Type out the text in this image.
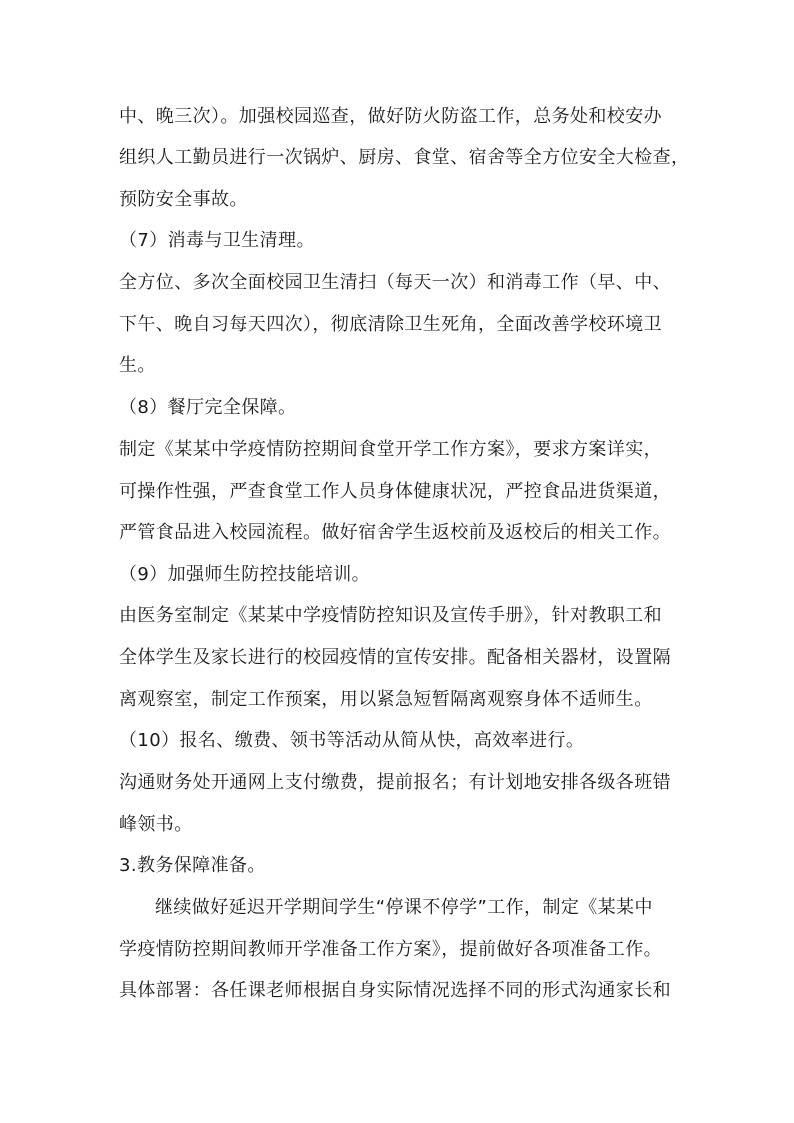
中、晚三次）。加强校园巡查，做好防火防盗工作，总务处和校安办
组织人工勤员进行一次锅炉、厨房、食堂、宿舍等全方位安全大检查，
预防安全事故。
（7）消毒与卫生清理。
全方位、多次全面校园卫生清扫（每天一次）和消毒工作（早、中、
下午、晚自习每天四次），彻底清除卫生死角，全面改善学校环境卫
生。
（8）餐厅完全保障。
制定《某某中学疫情防控期间食堂开学工作方案》，要求方案详实，
可操作性强，严查食堂工作人员身体健康状况，严控食品进货渠道，
严管食品进入校园流程。做好宿舍学生返校前及返校后的相关工作。
（9）加强师生防控技能培训。
由医务室制定《某某中学疫情防控知识及宣传手册》，针对教职工和
全体学生及家长进行的校园疫情的宣传安排。配备相关器材，设置隔
离观察室，制定工作预案，用以紧急短暂隔离观察身体不适师生。
（10）报名、缴费、领书等活动从简从快，高效率进行。
沟通财务处开通网上支付缴费，提前报名；有计划地安排各级各班错
峰领书。
3.教务保障准备。
继续做好延迟开学期间学生“停课不停学”工作，制定《某某中
学疫情防控期间教师开学准备工作方案》，提前做好各项准备工作。
具体部署：各任课老师根据自身实际情况选择不同的形式沟通家长和
